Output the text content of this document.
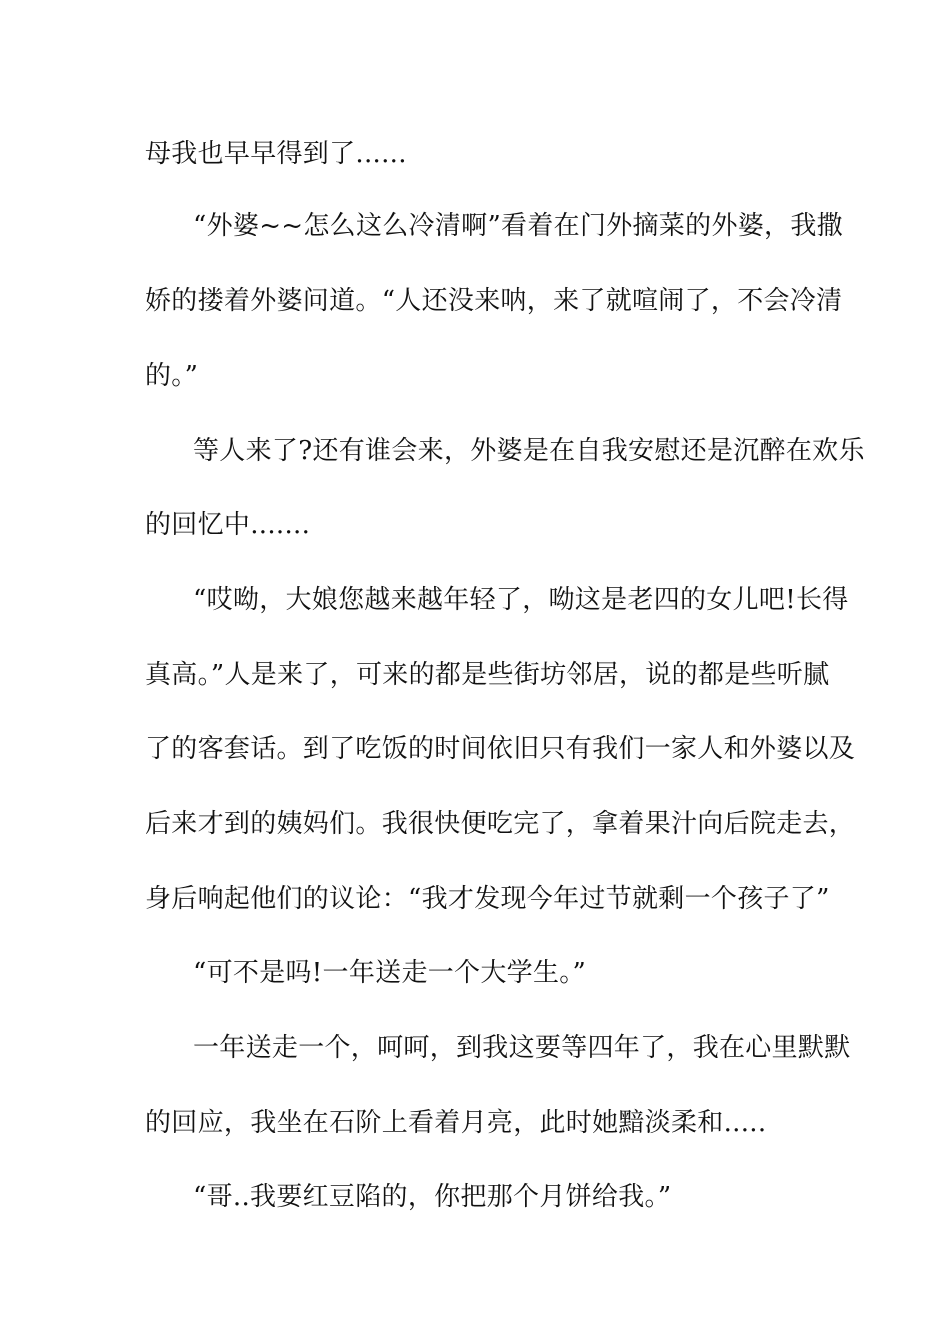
母我也早早得到了......
“外婆~~怎么这么冷清啊”看着在门外摘菜的外婆，我撒
娇的搂着外婆问道。“人还没来呐，来了就喧闹了，不会冷清
的。”
等人来了?还有谁会来，外婆是在自我安慰还是沉醉在欢乐
的回忆中.......
“哎呦，大娘您越来越年轻了，呦这是老四的女儿吧!长得
真高。”人是来了，可来的都是些街坊邻居，说的都是些听腻
了的客套话。到了吃饭的时间依旧只有我们一家人和外婆以及
后来才到的姨妈们。我很快便吃完了，拿着果汁向后院走去，
身后响起他们的议论：“我才发现今年过节就剩一个孩子了”
“可不是吗!一年送走一个大学生。”
一年送走一个，呵呵，到我这要等四年了，我在心里默默
的回应，我坐在石阶上看着月亮，此时她黯淡柔和.....
“哥..我要红豆陷的，你把那个月饼给我。”
